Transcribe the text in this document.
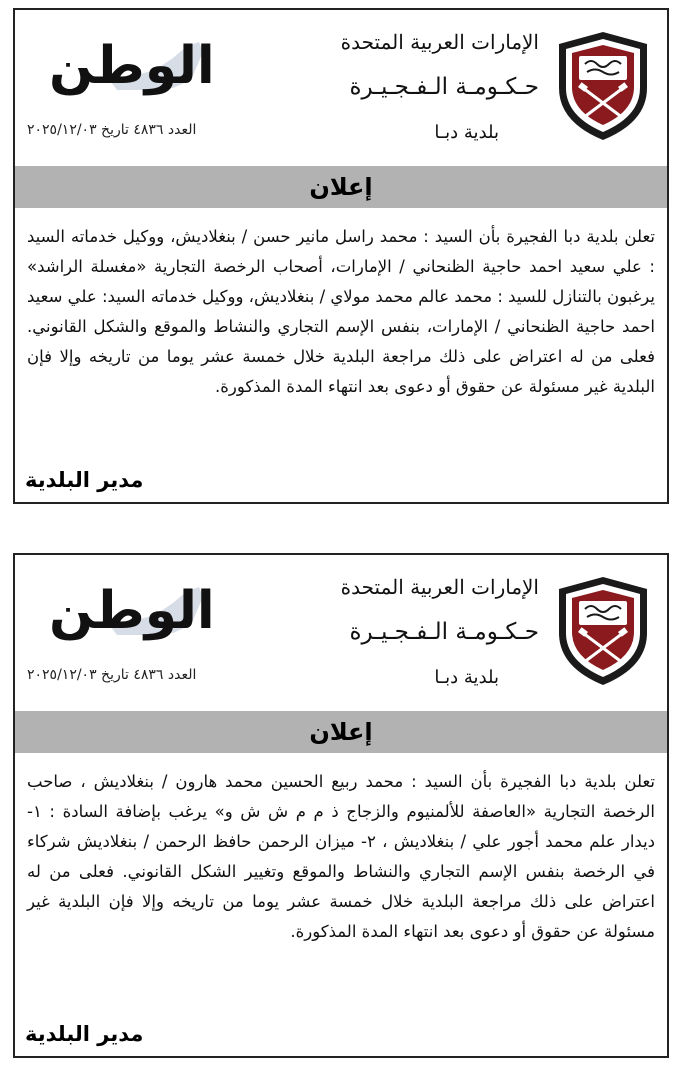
الإمارات العربية المتحدة
حـكـومـة الـفـجـيـرة
بلدية دبـا
الوطن
العدد ٤٨٣٦ تاريخ ٢٠٢٥/١٢/٠٣
إعلان
تعلن بلدية دبا الفجيرة بأن السيد : محمد راسل مانير حسن / بنغلاديش، ووكيل خدماته السيد : علي سعيد احمد حاجية الظنحاني / الإمارات، أصحاب الرخصة التجارية «مغسلة الراشد» يرغبون بالتنازل للسيد : محمد عالم محمد مولاي / بنغلاديش، ووكيل خدماته السيد: علي سعيد احمد حاجية الظنحاني / الإمارات، بنفس الإسم التجاري والنشاط والموقع والشكل القانوني. فعلى من له اعتراض على ذلك مراجعة البلدية خلال خمسة عشر يوما من تاريخه وإلا فإن البلدية غير مسئولة عن حقوق أو دعوى بعد انتهاء المدة المذكورة.
مدير البلدية
الإمارات العربية المتحدة
حـكـومـة الـفـجـيـرة
بلدية دبـا
الوطن
العدد ٤٨٣٦ تاريخ ٢٠٢٥/١٢/٠٣
إعلان
تعلن بلدية دبا الفجيرة بأن السيد : محمد ربيع الحسين محمد هارون / بنغلاديش ، صاحب الرخصة التجارية «العاصفة للألمنيوم والزجاج ذ م م ش ش و» يرغب بإضافة السادة : ١- ديدار علم محمد أجور علي / بنغلاديش ، ٢- ميزان الرحمن حافظ الرحمن / بنغلاديش شركاء في الرخصة بنفس الإسم التجاري والنشاط والموقع وتغيير الشكل القانوني. فعلى من له اعتراض على ذلك مراجعة البلدية خلال خمسة عشر يوما من تاريخه وإلا فإن البلدية غير مسئولة عن حقوق أو دعوى بعد انتهاء المدة المذكورة.
مدير البلدية
